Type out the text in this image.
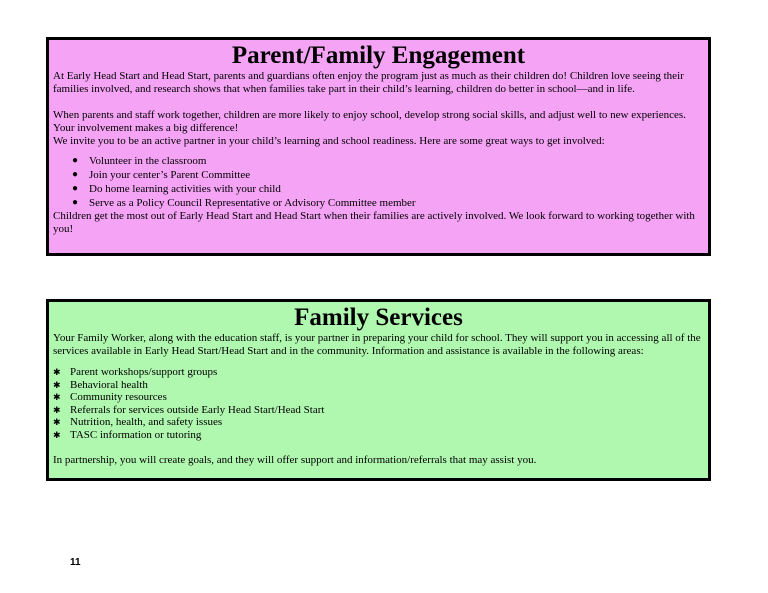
Parent/Family Engagement

At Early Head Start and Head Start, parents and guardians often enjoy the program just as much as their children do! Children love seeing their families involved, and research shows that when families take part in their child’s learning, children do better in school—and in life.

When parents and staff work together, children are more likely to enjoy school, develop strong social skills, and adjust well to new experiences. Your involvement makes a big difference!

We invite you to be an active partner in your child’s learning and school readiness. Here are some great ways to get involved:

● Volunteer in the classroom
● Join your center’s Parent Committee
● Do home learning activities with your child
● Serve as a Policy Council Representative or Advisory Committee member

Children get the most out of Early Head Start and Head Start when their families are actively involved. We look forward to working together with you!

Family Services

Your Family Worker, along with the education staff, is your partner in preparing your child for school. They will support you in accessing all of the services available in Early Head Start/Head Start and in the community. Information and assistance is available in the following areas:

✱ Parent workshops/support groups
✱ Behavioral health
✱ Community resources
✱ Referrals for services outside Early Head Start/Head Start
✱ Nutrition, health, and safety issues
✱ TASC information or tutoring

In partnership, you will create goals, and they will offer support and information/referrals that may assist you.

11
